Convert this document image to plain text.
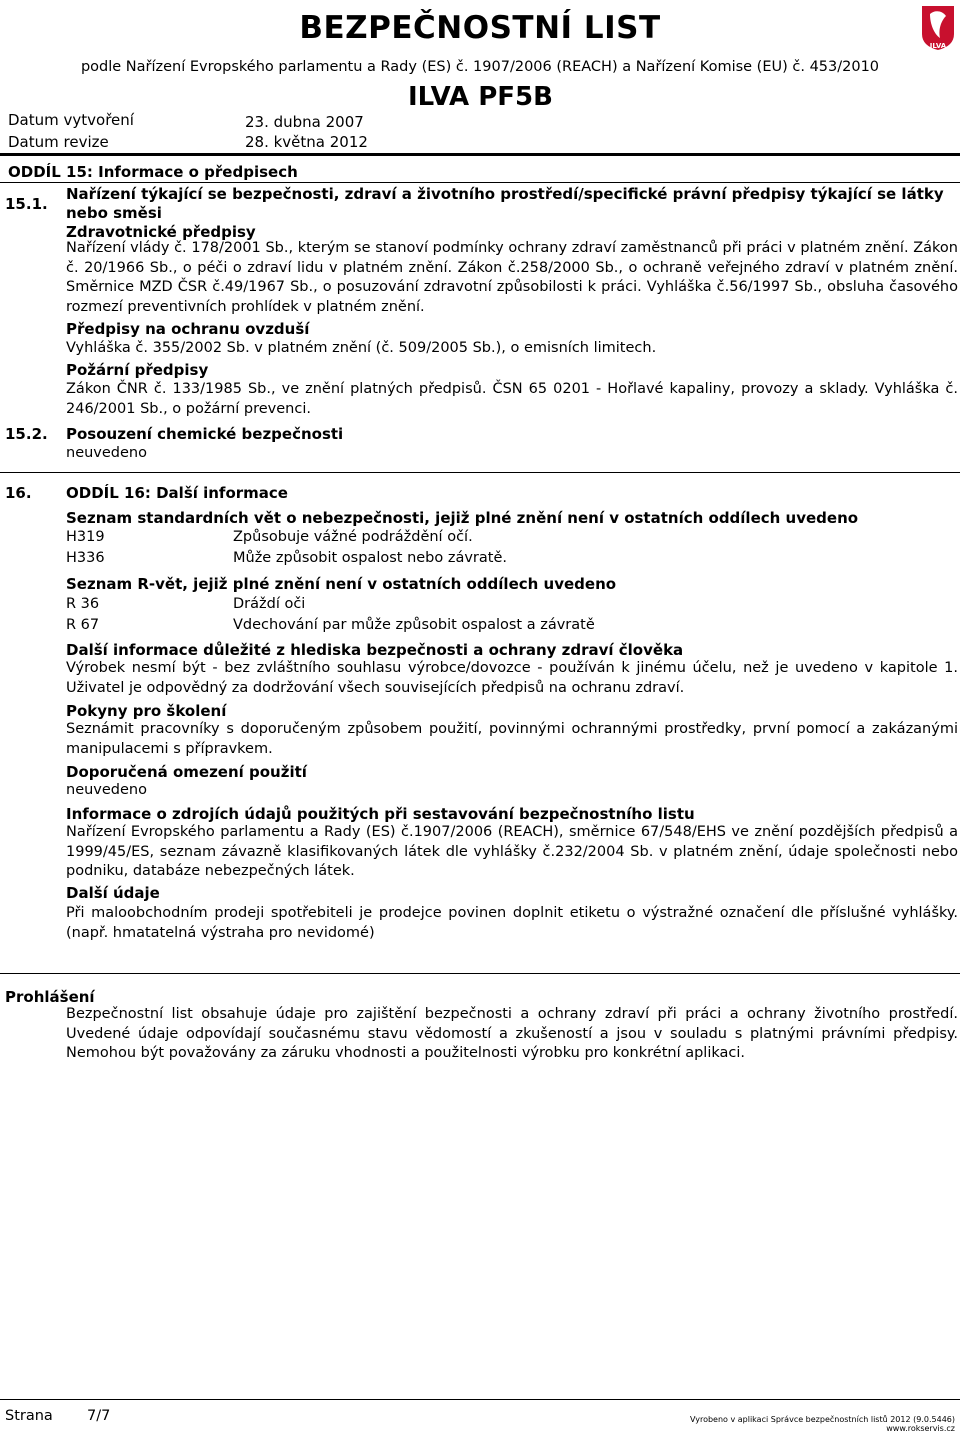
BEZPEČNOSTNÍ LIST	ILVA
podle Nařízení Evropského parlamentu a Rady (ES) č. 1907/2006 (REACH) a Nařízení Komise (EU) č. 453/2010
Datum vytvoření	23. dubna 2007
ILVA PF5B
Datum revize	28. května 2012
ODDÍL 15: Informace o předpisech
15.1.
Nařízení týkající se bezpečnosti, zdraví a životního prostředí/specifické právní předpisy týkající se látky
nebo směsi
Zdravotnické předpisy
Nařízení vlády č. 178/2001 Sb., kterým se stanoví podmínky ochrany zdraví zaměstnanců při práci v platném znění. Zákon č. 20/1966 Sb., o péči o zdraví lidu v platném znění. Zákon č.258/2000 Sb., o ochraně veřejného zdraví v platném znění. Směrnice MZD ČSR č.49/1967 Sb., o posuzování zdravotní způsobilosti k práci. Vyhláška č.56/1997 Sb., obsluha časového rozmezí preventivních prohlídek v platném znění.
Předpisy na ochranu ovzduší
Vyhláška č. 355/2002 Sb. v platném znění (č. 509/2005 Sb.), o emisních limitech.
Požární předpisy
Zákon ČNR č. 133/1985 Sb., ve znění platných předpisů. ČSN 65 0201 - Hořlavé kapaliny, provozy a sklady. Vyhláška č. 246/2001 Sb., o požární prevenci.
15.2. Posouzení chemické bezpečnosti
neuvedeno
16. ODDÍL 16: Další informace
Seznam standardních vět o nebezpečnosti, jejiž plné znění není v ostatních oddílech uvedeno
H319	Způsobuje vážné podráždění očí.
H336	Může způsobit ospalost nebo závratě.
Seznam R-vět, jejiž plné znění není v ostatních oddílech uvedeno
R 36	Dráždí oči
R 67	Vdechování par může způsobit ospalost a závratě
Další informace důležité z hlediska bezpečnosti a ochrany zdraví člověka
Výrobek nesmí být - bez zvláštního souhlasu výrobce/dovozce - používán k jinému účelu, než je uvedeno v kapitole 1. Uživatel je odpovědný za dodržování všech souvisejících předpisů na ochranu zdraví.
Pokyny pro školení
Seznámit pracovníky s doporučeným způsobem použití, povinnými ochrannými prostředky, první pomocí a zakázanými manipulacemi s přípravkem.
Doporučená omezení použití
neuvedeno
Informace o zdrojích údajů použitých při sestavování bezpečnostního listu
Nařízení Evropského parlamentu a Rady (ES) č.1907/2006 (REACH), směrnice 67/548/EHS ve znění pozdějších předpisů a 1999/45/ES, seznam závazně klasifikovaných látek dle vyhlášky č.232/2004 Sb. v platném znění, údaje společnosti nebo podniku, databáze nebezpečných látek.
Další údaje
Při maloobchodním prodeji spotřebiteli je prodejce povinen doplnit etiketu o výstražné označení dle příslušné vyhlášky. (např. hmatatelná výstraha pro nevidomé)
Prohlášení
Bezpečnostní list obsahuje údaje pro zajištění bezpečnosti a ochrany zdraví při práci a ochrany životního prostředí. Uvedené údaje odpovídají současnému stavu vědomostí a zkušeností a jsou v souladu s platnými právními předpisy. Nemohou být považovány za záruku vhodnosti a použitelnosti výrobku pro konkrétní aplikaci.
Strana 7/7	Vyrobeno v aplikaci Správce bezpečnostních listů 2012 (9.0.5446) www.rokservis.cz
